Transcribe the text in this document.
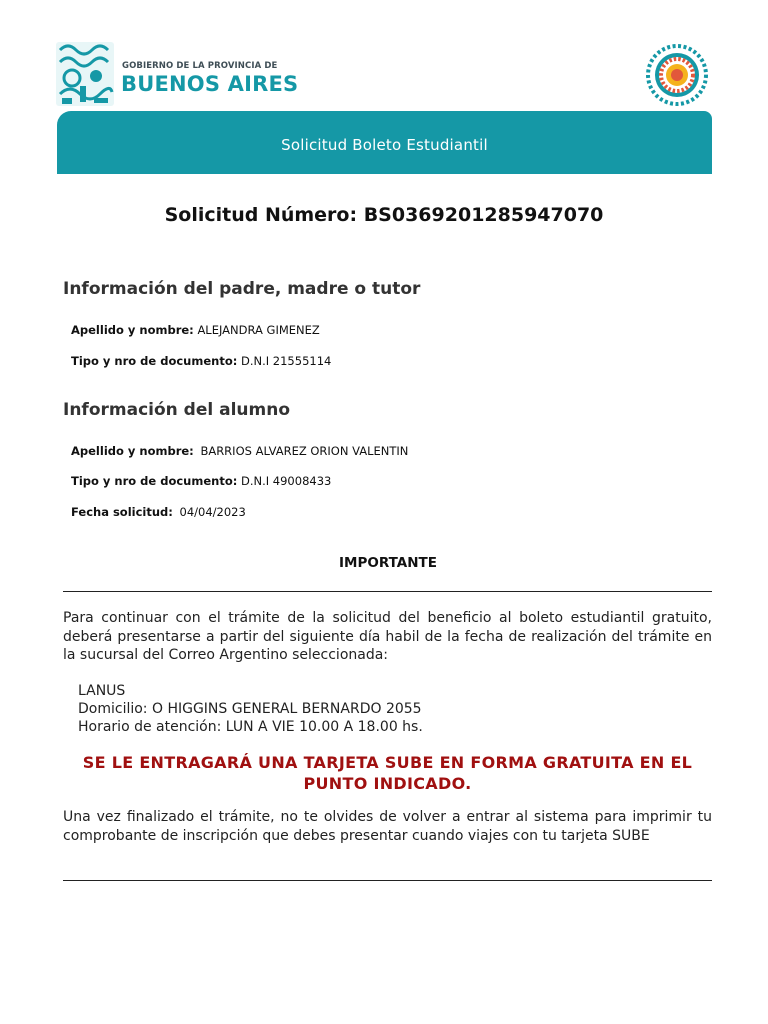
GOBIERNO DE LA PROVINCIA DE
BUENOS AIRES
Solicitud Boleto Estudiantil
Solicitud Número: BS0369201285947070
Información del padre, madre o tutor
Apellido y nombre: ALEJANDRA GIMENEZ
Tipo y nro de documento: D.N.I 21555114
Información del alumno
Apellido y nombre: BARRIOS ALVAREZ ORION VALENTIN
Tipo y nro de documento: D.N.I 49008433
Fecha solicitud: 04/04/2023
IMPORTANTE
Para continuar con el trámite de la solicitud del beneficio al boleto estudiantil gratuito, deberá presentarse a partir del siguiente día habil de la fecha de realización del trámite en la sucursal del Correo Argentino seleccionada:
LANUS
Domicilio: O HIGGINS GENERAL BERNARDO 2055
Horario de atención: LUN A VIE 10.00 A 18.00 hs.
SE LE ENTRAGARÁ UNA TARJETA SUBE EN FORMA GRATUITA EN EL PUNTO INDICADO.
Una vez finalizado el trámite, no te olvides de volver a entrar al sistema para imprimir tu comprobante de inscripción que debes presentar cuando viajes con tu tarjeta SUBE
